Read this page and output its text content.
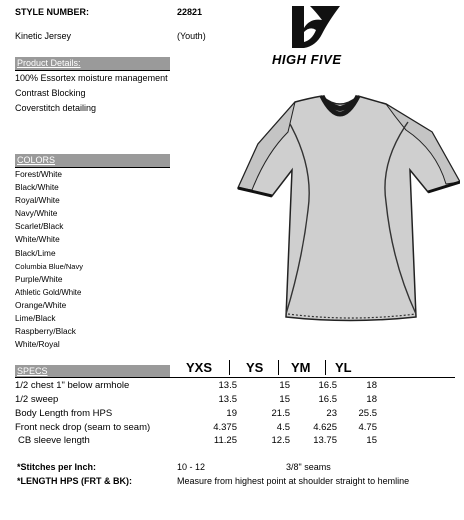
STYLE NUMBER:	22821
Kinetic Jersey	(Youth)
HIGH FIVE
Product Details:
100% Essortex moisture management
Contrast Blocking
Coverstitch detailing
COLORS
Forest/White
Black/White
Royal/White
Navy/White
Scarlet/Black
White/White
Black/Lime
Columbia Blue/Navy
Purple/White
Athletic Gold/White
Orange/White
Lime/Black
Raspberry/Black
White/Royal
SPECS	YXS	YS YM YL
1/2 chest 1" below armhole	13.5	15	16.5	18
1/2 sweep	13.5	15	16.5	18
Body Length from HPS	19	21.5	23	25.5
Front neck drop (seam to seam)	4.375	4.5	4.625	4.75
CB sleeve length	11.25	12.5	13.75	15
*Stitches per Inch:	10 - 12	3/8" seams
*LENGTH HPS (FRT & BK):	Measure from highest point at shoulder straight to hemline
